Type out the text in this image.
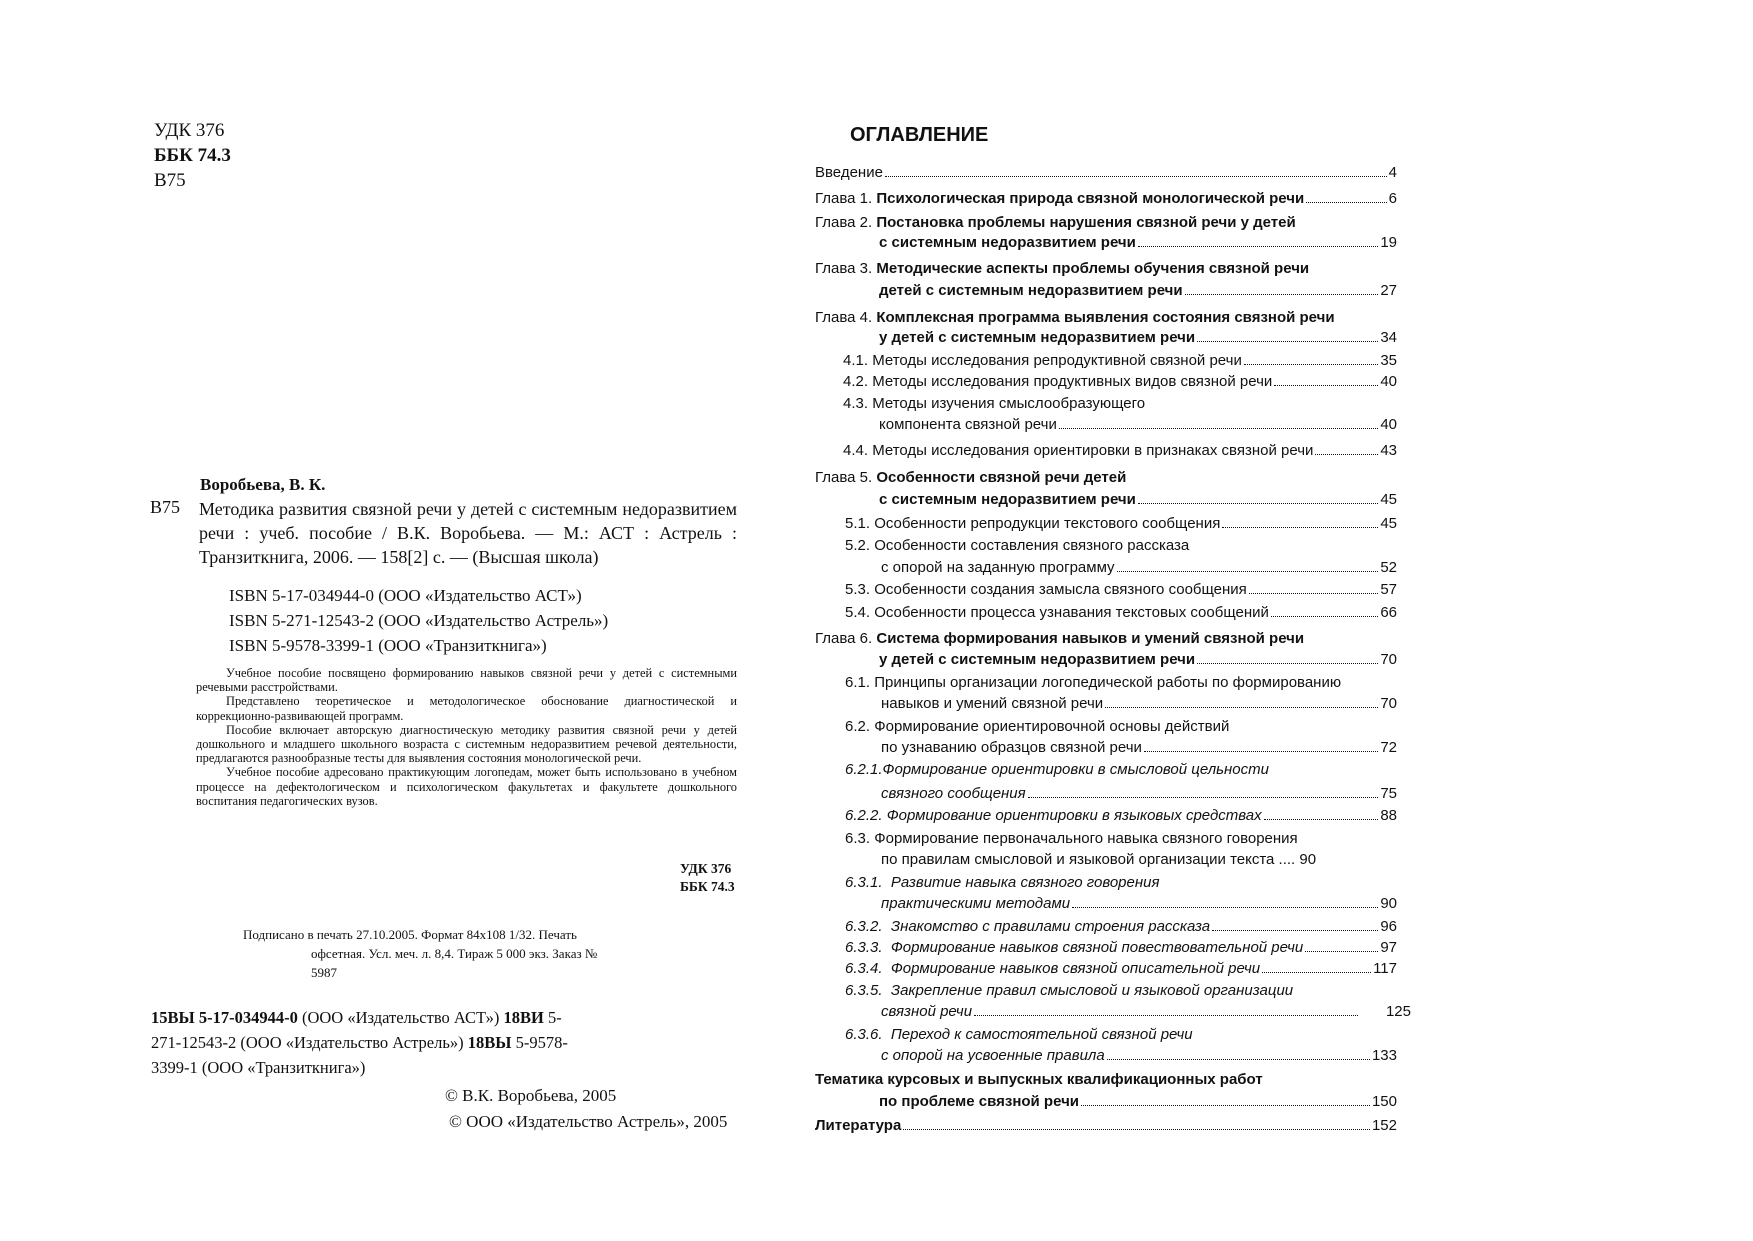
УДК 376
ББК 74.3
В75
Воробьева, В. К.
В75 Методика развития связной речи у детей с системным недоразвитием речи : учеб. пособие / В.К. Воробьева. — М.: АСТ : Астрель : Транзиткнига, 2006. — 158[2] с. — (Высшая школа)
ISBN 5-17-034944-0 (ООО «Издательство АСТ»)
ISBN 5-271-12543-2 (ООО «Издательство Астрель»)
ISBN 5-9578-3399-1 (ООО «Транзиткнига»)

Учебное пособие посвящено формированию навыков связной речи у детей с системными речевыми расстройствами.

Представлено теоретическое и методологическое обоснование диагностической и коррекционно-развивающей программ.

Пособие включает авторскую диагностическую методику развития связной речи у детей дошкольного и младшего школьного возраста с системным недоразвитием речевой деятельности, предлагаются разнообразные тесты для выявления состояния монологической речи.

Учебное пособие адресовано практикующим логопедам, может быть использовано в учебном процессе на дефектологическом и психологическом факультетах и факультете дошкольного воспитания педагогических вузов.

УДК 376
ББК 74.3
Подписано в печать 27.10.2005. Формат 84x108 1/32. Печать
офсетная. Усл. меч. л. 8,4. Тираж 5 000 экз. Заказ №
5987
15ВЫ 5-17-034944-0 (ООО «Издательство АСТ») 18ВИ 5-
271-12543-2 (ООО «Издательство Астрель») 18ВЫ 5-9578-
3399-1 (ООО «Транзиткнига»)
© В.К. Воробьева, 2005
© ООО «Издательство Астрель», 2005
ОГЛАВЛЕНИЕ
Введение	4
Глава 1. Психологическая природа связной монологической речи	6
Глава 2. Постановка проблемы нарушения связной речи у детей
с системным недоразвитием речи	19
Глава 3. Методические аспекты проблемы обучения связной речи
детей с системным недоразвитием речи	27
Глава 4. Комплексная программа выявления состояния связной речи
у детей с системным недоразвитием речи	34
4.1. Методы исследования репродуктивной связной речи	35
4.2. Методы исследования продуктивных видов связной речи	40
4.3. Методы изучения смыслообразующего
компонента связной речи	40
4.4. Методы исследования ориентировки в признаках связной речи	43
Глава 5. Особенности связной речи детей
с системным недоразвитием речи	45
5.1. Особенности репродукции текстового сообщения	45
5.2. Особенности составления связного рассказа
с опорой на заданную программу	52
5.3. Особенности создания замысла связного сообщения	57
5.4. Особенности процесса узнавания текстовых сообщений	66
Глава 6. Система формирования навыков и умений связной речи
у детей с системным недоразвитием речи	70
6.1. Принципы организации логопедической работы по формированию
навыков и умений связной речи	70
6.2. Формирование ориентировочной основы действий
по узнаванию образцов связной речи	72
6.2.1.Формирование ориентировки в смысловой цельности
связного сообщения	75
6.2.2. Формирование ориентировки в языковых средствах	88
6.3. Формирование первоначального навыка связного говорения
по правилам смысловой и языковой организации текста .... 90
6.3.1. Развитие навыка связного говорения
практическими методами	90
6.3.2. Знакомство с правилами строения рассказа	96
6.3.3. Формирование навыков связной повествовательной речи	97
6.3.4. Формирование навыков связной описательной речи	117
6.3.5. Закрепление правил смысловой и языковой организации
связной речи	125
6.3.6. Переход к самостоятельной связной речи
с опорой на усвоенные правила	133
Тематика курсовых и выпускных квалификационных работ
по проблеме связной речи	150
Литература	152
